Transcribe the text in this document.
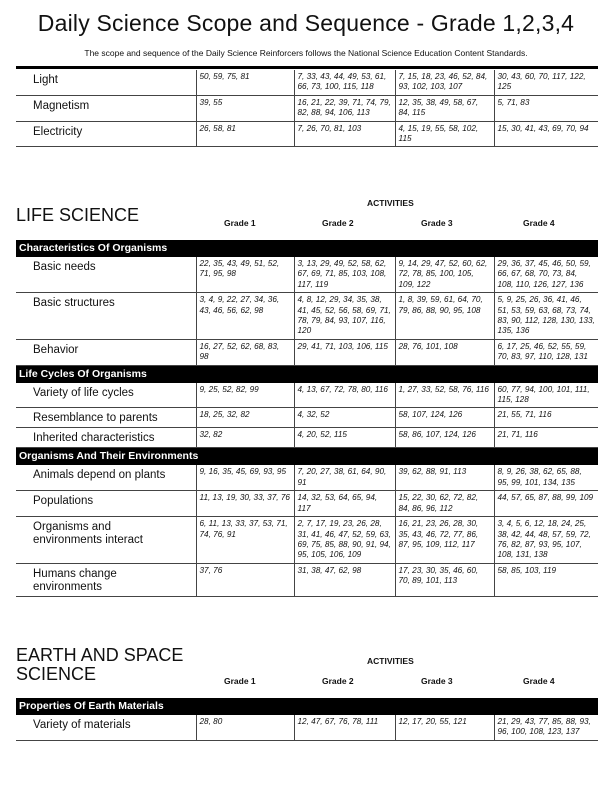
Daily Science Scope and Sequence - Grade 1,2,3,4
The scope and sequence of the Daily Science Reinforcers follows the National Science Education Content Standards.
Light	50, 59, 75, 81	7, 33, 43, 44, 49, 53, 61, 66, 73, 100, 115, 118	7, 15, 18, 23, 46, 52, 84, 93, 102, 103, 107	30, 43, 60, 70, 117, 122, 125
Magnetism	39, 55	16, 21, 22, 39, 71, 74, 79, 82, 88, 94, 106, 113	12, 35, 38, 49, 58, 67, 84, 115	5, 71, 83
Electricity	26, 58, 81	7, 26, 70, 81, 103	4, 15, 19, 55, 58, 102, 115	15, 30, 41, 43, 69, 70, 94
LIFE SCIENCE
ACTIVITIES
Grade 1	Grade 2	Grade 3	Grade 4
Characteristics Of Organisms				
Basic needs	22, 35, 43, 49, 51, 52, 71, 95, 98	3, 13, 29, 49, 52, 58, 62, 67, 69, 71, 85, 103, 108, 117, 119	9, 14, 29, 47, 52, 60, 62, 72, 78, 85, 100, 105, 109, 122	29, 36, 37, 45, 46, 50, 59, 66, 67, 68, 70, 73, 84, 108, 110, 126, 127, 136
Basic structures	3, 4, 9, 22, 27, 34, 36, 43, 46, 56, 62, 98	4, 8, 12, 29, 34, 35, 38, 41, 45, 52, 56, 58, 69, 71, 78, 79, 84, 93, 107, 116, 120	1, 8, 39, 59, 61, 64, 70, 79, 86, 88, 90, 95, 108	5, 9, 25, 26, 36, 41, 46, 51, 53, 59, 63, 68, 73, 74, 83, 90, 112, 128, 130, 133, 135, 136
Behavior	16, 27, 52, 62, 68, 83, 98	29, 41, 71, 103, 106, 115	28, 76, 101, 108	6, 17, 25, 46, 52, 55, 59, 70, 83, 97, 110, 128, 131
Life Cycles Of Organisms				
Variety of life cycles	9, 25, 52, 82, 99	4, 13, 67, 72, 78, 80, 116	1, 27, 33, 52, 58, 76, 116	60, 77, 94, 100, 101, 111, 115, 128
Resemblance to parents	18, 25, 32, 82	4, 32, 52	58, 107, 124, 126	21, 55, 71, 116
Inherited characteristics	32, 82	4, 20, 52, 115	58, 86, 107, 124, 126	21, 71, 116
Organisms And Their Environments				
Animals depend on plants	9, 16, 35, 45, 69, 93, 95	7, 20, 27, 38, 61, 64, 90, 91	39, 62, 88, 91, 113	8, 9, 26, 38, 62, 65, 88, 95, 99, 101, 134, 135
Populations	11, 13, 19, 30, 33, 37, 76	14, 32, 53, 64, 65, 94, 117	15, 22, 30, 62, 72, 82, 84, 86, 96, 112	44, 57, 65, 87, 88, 99, 109
Organisms and
environments interact	6, 11, 13, 33, 37, 53, 71, 74, 76, 91	2, 7, 17, 19, 23, 26, 28, 31, 41, 46, 47, 52, 59, 63, 69, 75, 85, 88, 90, 91, 94, 95, 105, 106, 109	16, 21, 23, 26, 28, 30, 35, 43, 46, 72, 77, 86, 87, 95, 109, 112, 117	3, 4, 5, 6, 12, 18, 24, 25, 38, 42, 44, 48, 57, 59, 72, 76, 82, 87, 93, 95, 107, 108, 131, 138
Humans change
environments	37, 76	31, 38, 47, 62, 98	17, 23, 30, 35, 46, 60, 70, 89, 101, 113	58, 85, 103, 119
EARTH AND SPACE
SCIENCE
ACTIVITIES
Grade 1	Grade 2	Grade 3	Grade 4
Properties Of Earth Materials
Variety of materials	28, 80	12, 47, 67, 76, 78, 111	12, 17, 20, 55, 121	21, 29, 43, 77, 85, 88, 93, 96, 100, 108, 123, 137
